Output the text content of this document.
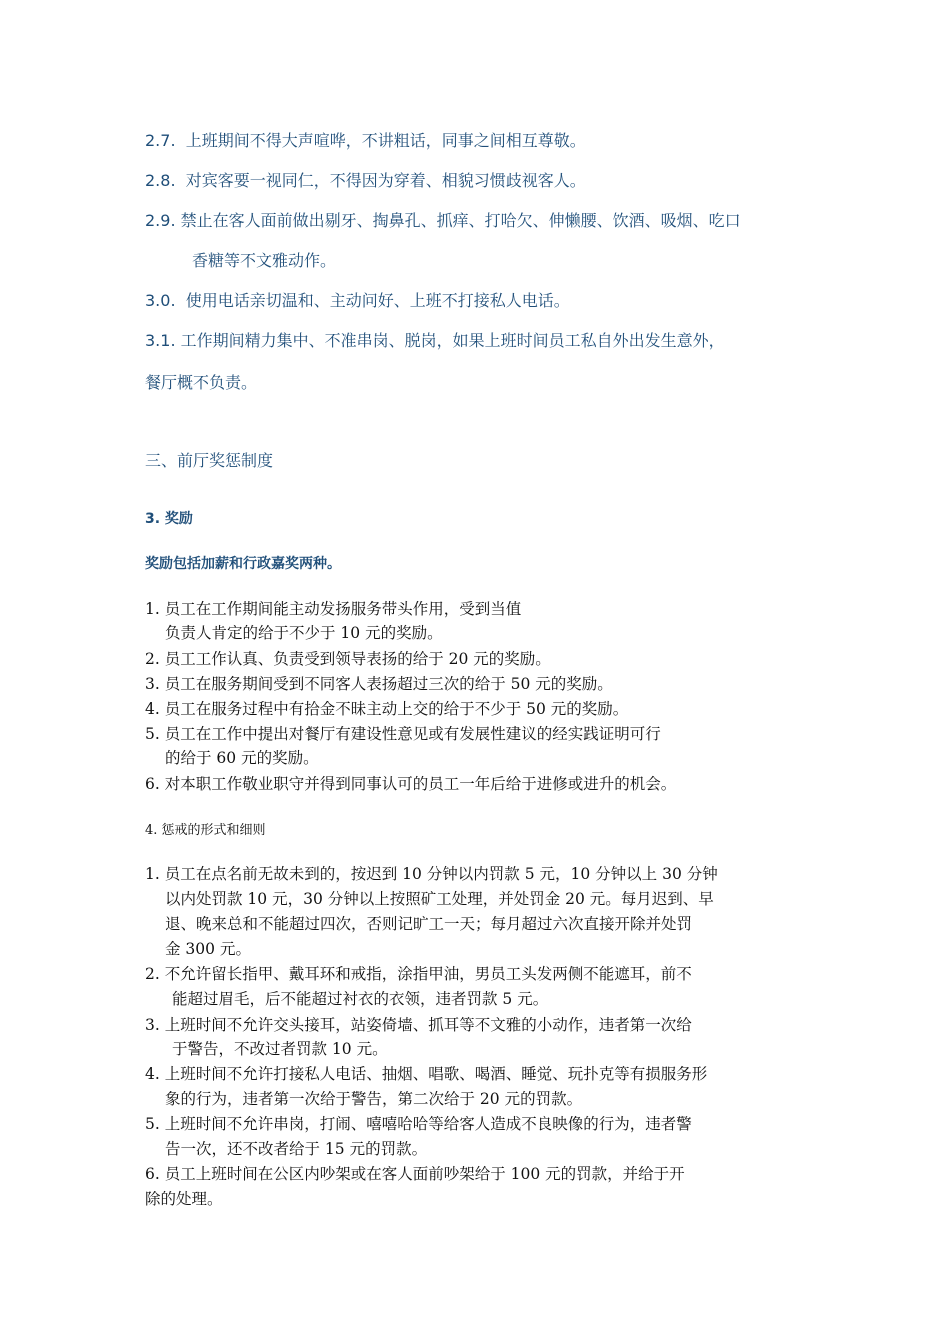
2.7. 上班期间不得大声喧哗，不讲粗话，同事之间相互尊敬。

2.8. 对宾客要一视同仁，不得因为穿着、相貌习惯歧视客人。

2.9. 禁止在客人面前做出剔牙、掏鼻孔、抓痒、打哈欠、伸懒腰、饮酒、吸烟、吃口

香糖等不文雅动作。

3.0. 使用电话亲切温和、主动问好、上班不打接私人电话。

3.1. 工作期间精力集中、不准串岗、脱岗，如果上班时间员工私自外出发生意外，

餐厅概不负责。

三、前厅奖惩制度

3. 奖励

奖励包括加薪和行政嘉奖两种。

1. 员工在工作期间能主动发扬服务带头作用，受到当值

负责人肯定的给于不少于 10 元的奖励。

2. 员工工作认真、负责受到领导表扬的给于 20 元的奖励。

3. 员工在服务期间受到不同客人表扬超过三次的给于 50 元的奖励。

4. 员工在服务过程中有拾金不昧主动上交的给于不少于 50 元的奖励。

5. 员工在工作中提出对餐厅有建设性意见或有发展性建议的经实践证明可行

的给于 60 元的奖励。

6. 对本职工作敬业职守并得到同事认可的员工一年后给于进修或进升的机会。

4. 惩戒的形式和细则

1. 员工在点名前无故未到的，按迟到 10 分钟以内罚款 5 元，10 分钟以上 30 分钟

以内处罚款 10 元，30 分钟以上按照矿工处理，并处罚金 20 元。每月迟到、早

退、晚来总和不能超过四次，否则记旷工一天；每月超过六次直接开除并处罚

金 300 元。

2. 不允许留长指甲、戴耳环和戒指，涂指甲油，男员工头发两侧不能遮耳，前不

能超过眉毛，后不能超过衬衣的衣领，违者罚款 5 元。

3. 上班时间不允许交头接耳，站姿倚墙、抓耳等不文雅的小动作，违者第一次给

于警告，不改过者罚款 10 元。

4. 上班时间不允许打接私人电话、抽烟、唱歌、喝酒、睡觉、玩扑克等有损服务形

象的行为，违者第一次给于警告，第二次给于 20 元的罚款。

5. 上班时间不允许串岗，打闹、嘻嘻哈哈等给客人造成不良映像的行为，违者警

告一次，还不改者给于 15 元的罚款。

6. 员工上班时间在公区内吵架或在客人面前吵架给于 100 元的罚款，并给于开

除的处理。
